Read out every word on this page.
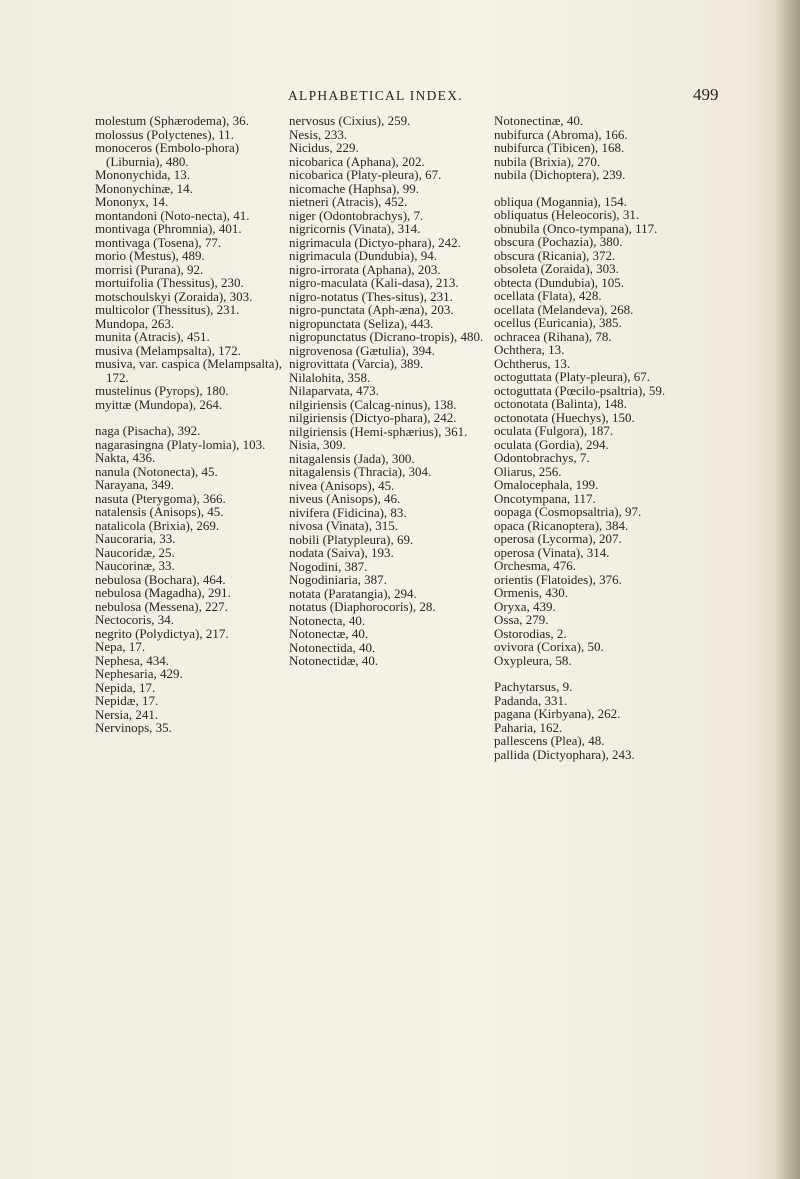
ALPHABETICAL INDEX.	499
molestum (Sphærodema), 36.
molossus (Polyctenes), 11.
monoceros (Embolo-phora) (Liburnia), 480.
Mononychida, 13.
Mononychinæ, 14.
Mononyx, 14.
montandoni (Noto-necta), 41.
montivaga (Phromnia), 401.
montivaga (Tosena), 77.
morio (Mestus), 489.
morrisi (Purana), 92.
mortuifolia (Thessitus), 230.
motschoulskyi (Zoraida), 303.
multicolor (Thessitus), 231.
Mundopa, 263.
munita (Atracis), 451.
musiva (Melampsalta), 172.
musiva, var. caspica (Melampsalta), 172.
mustelinus (Pyrops), 180.
myittæ (Mundopa), 264.
naga (Pisacha), 392.
nagarasingna (Platy-lomia), 103.
Nakta, 436.
nanula (Notonecta), 45.
Narayana, 349.
nasuta (Pterygoma), 366.
natalensis (Anisops), 45.
natalicola (Brixia), 269.
Naucoraria, 33.
Naucoridæ, 25.
Naucorinæ, 33.
nebulosa (Bochara), 464.
nebulosa (Magadha), 291.
nebulosa (Messena), 227.
Nectocoris, 34.
negrito (Polydictya), 217.
Nepa, 17.
Nephesa, 434.
Nephesaria, 429.
Nepida, 17.
Nepidæ, 17.
Nersia, 241.
Nervinops, 35.
nervosus (Cixius), 259.
Nesis, 233.
Nicidus, 229.
nicobarica (Aphana), 202.
nicobarica (Platy-pleura), 67.
nicomache (Haphsa), 99.
nietneri (Atracis), 452.
niger (Odontobrachys), 7.
nigricornis (Vinata), 314.
nigrimacula (Dictyo-phara), 242.
nigrimacula (Dundubia), 94.
nigro-irrorata (Aphana), 203.
nigro-maculata (Kali-dasa), 213.
nigro-notatus (Thes-situs), 231.
nigro-punctata (Aph-æna), 203.
nigropunctata (Seliza), 443.
nigropunctatus (Dicrano-tropis), 480.
nigrovenosa (Gætulia), 394.
nigrovittata (Varcia), 389.
Nilalohita, 358.
Nilaparvata, 473.
nilgiriensis (Calcag-ninus), 138.
nilgiriensis (Dictyo-phara), 242.
nilgiriensis (Hemi-sphærius), 361.
Nisia, 309.
nitagalensis (Jada), 300.
nitagalensis (Thracia), 304.
nivea (Anisops), 45.
niveus (Anisops), 46.
nivifera (Fidicina), 83.
nivosa (Vinata), 315.
nobili (Platypleura), 69.
nodata (Saiva), 193.
Nogodini, 387.
Nogodiniaria, 387.
notata (Paratangia), 294.
notatus (Diaphorocoris), 28.
Notonecta, 40.
Notonectæ, 40.
Notonectida, 40.
Notonectidæ, 40.
Notonectinæ, 40.
nubifurca (Abroma), 166.
nubifurca (Tibicen), 168.
nubila (Brixia), 270.
nubila (Dichoptera), 239.
obliqua (Mogannia), 154.
obliquatus (Heleocoris), 31.
obnubila (Onco-tympana), 117.
obscura (Pochazia), 380.
obscura (Ricania), 372.
obsoleta (Zoraida), 303.
obtecta (Dundubia), 105.
ocellata (Flata), 428.
ocellata (Melandeva), 268.
ocellus (Euricania), 385.
ochracea (Rihana), 78.
Ochthera, 13.
Ochtherus, 13.
octoguttata (Platy-pleura), 67.
octoguttata (Pœcilo-psaltria), 59.
octonotata (Balinta), 148.
octonotata (Huechys), 150.
oculata (Fulgora), 187.
oculata (Gordia), 294.
Odontobrachys, 7.
Oliarus, 256.
Omalocephala, 199.
Oncotympana, 117.
oopaga (Cosmopsaltria), 97.
opaca (Ricanoptera), 384.
operosa (Lycorma), 207.
operosa (Vinata), 314.
Orchesma, 476.
orientis (Flatoides), 376.
Ormenis, 430.
Oryxa, 439.
Ossa, 279.
Ostorodias, 2.
ovivora (Corixa), 50.
Oxypleura, 58.
Pachytarsus, 9.
Padanda, 331.
pagana (Kirbyana), 262.
Paharia, 162.
pallescens (Plea), 48.
pallida (Dictyophara), 243.
